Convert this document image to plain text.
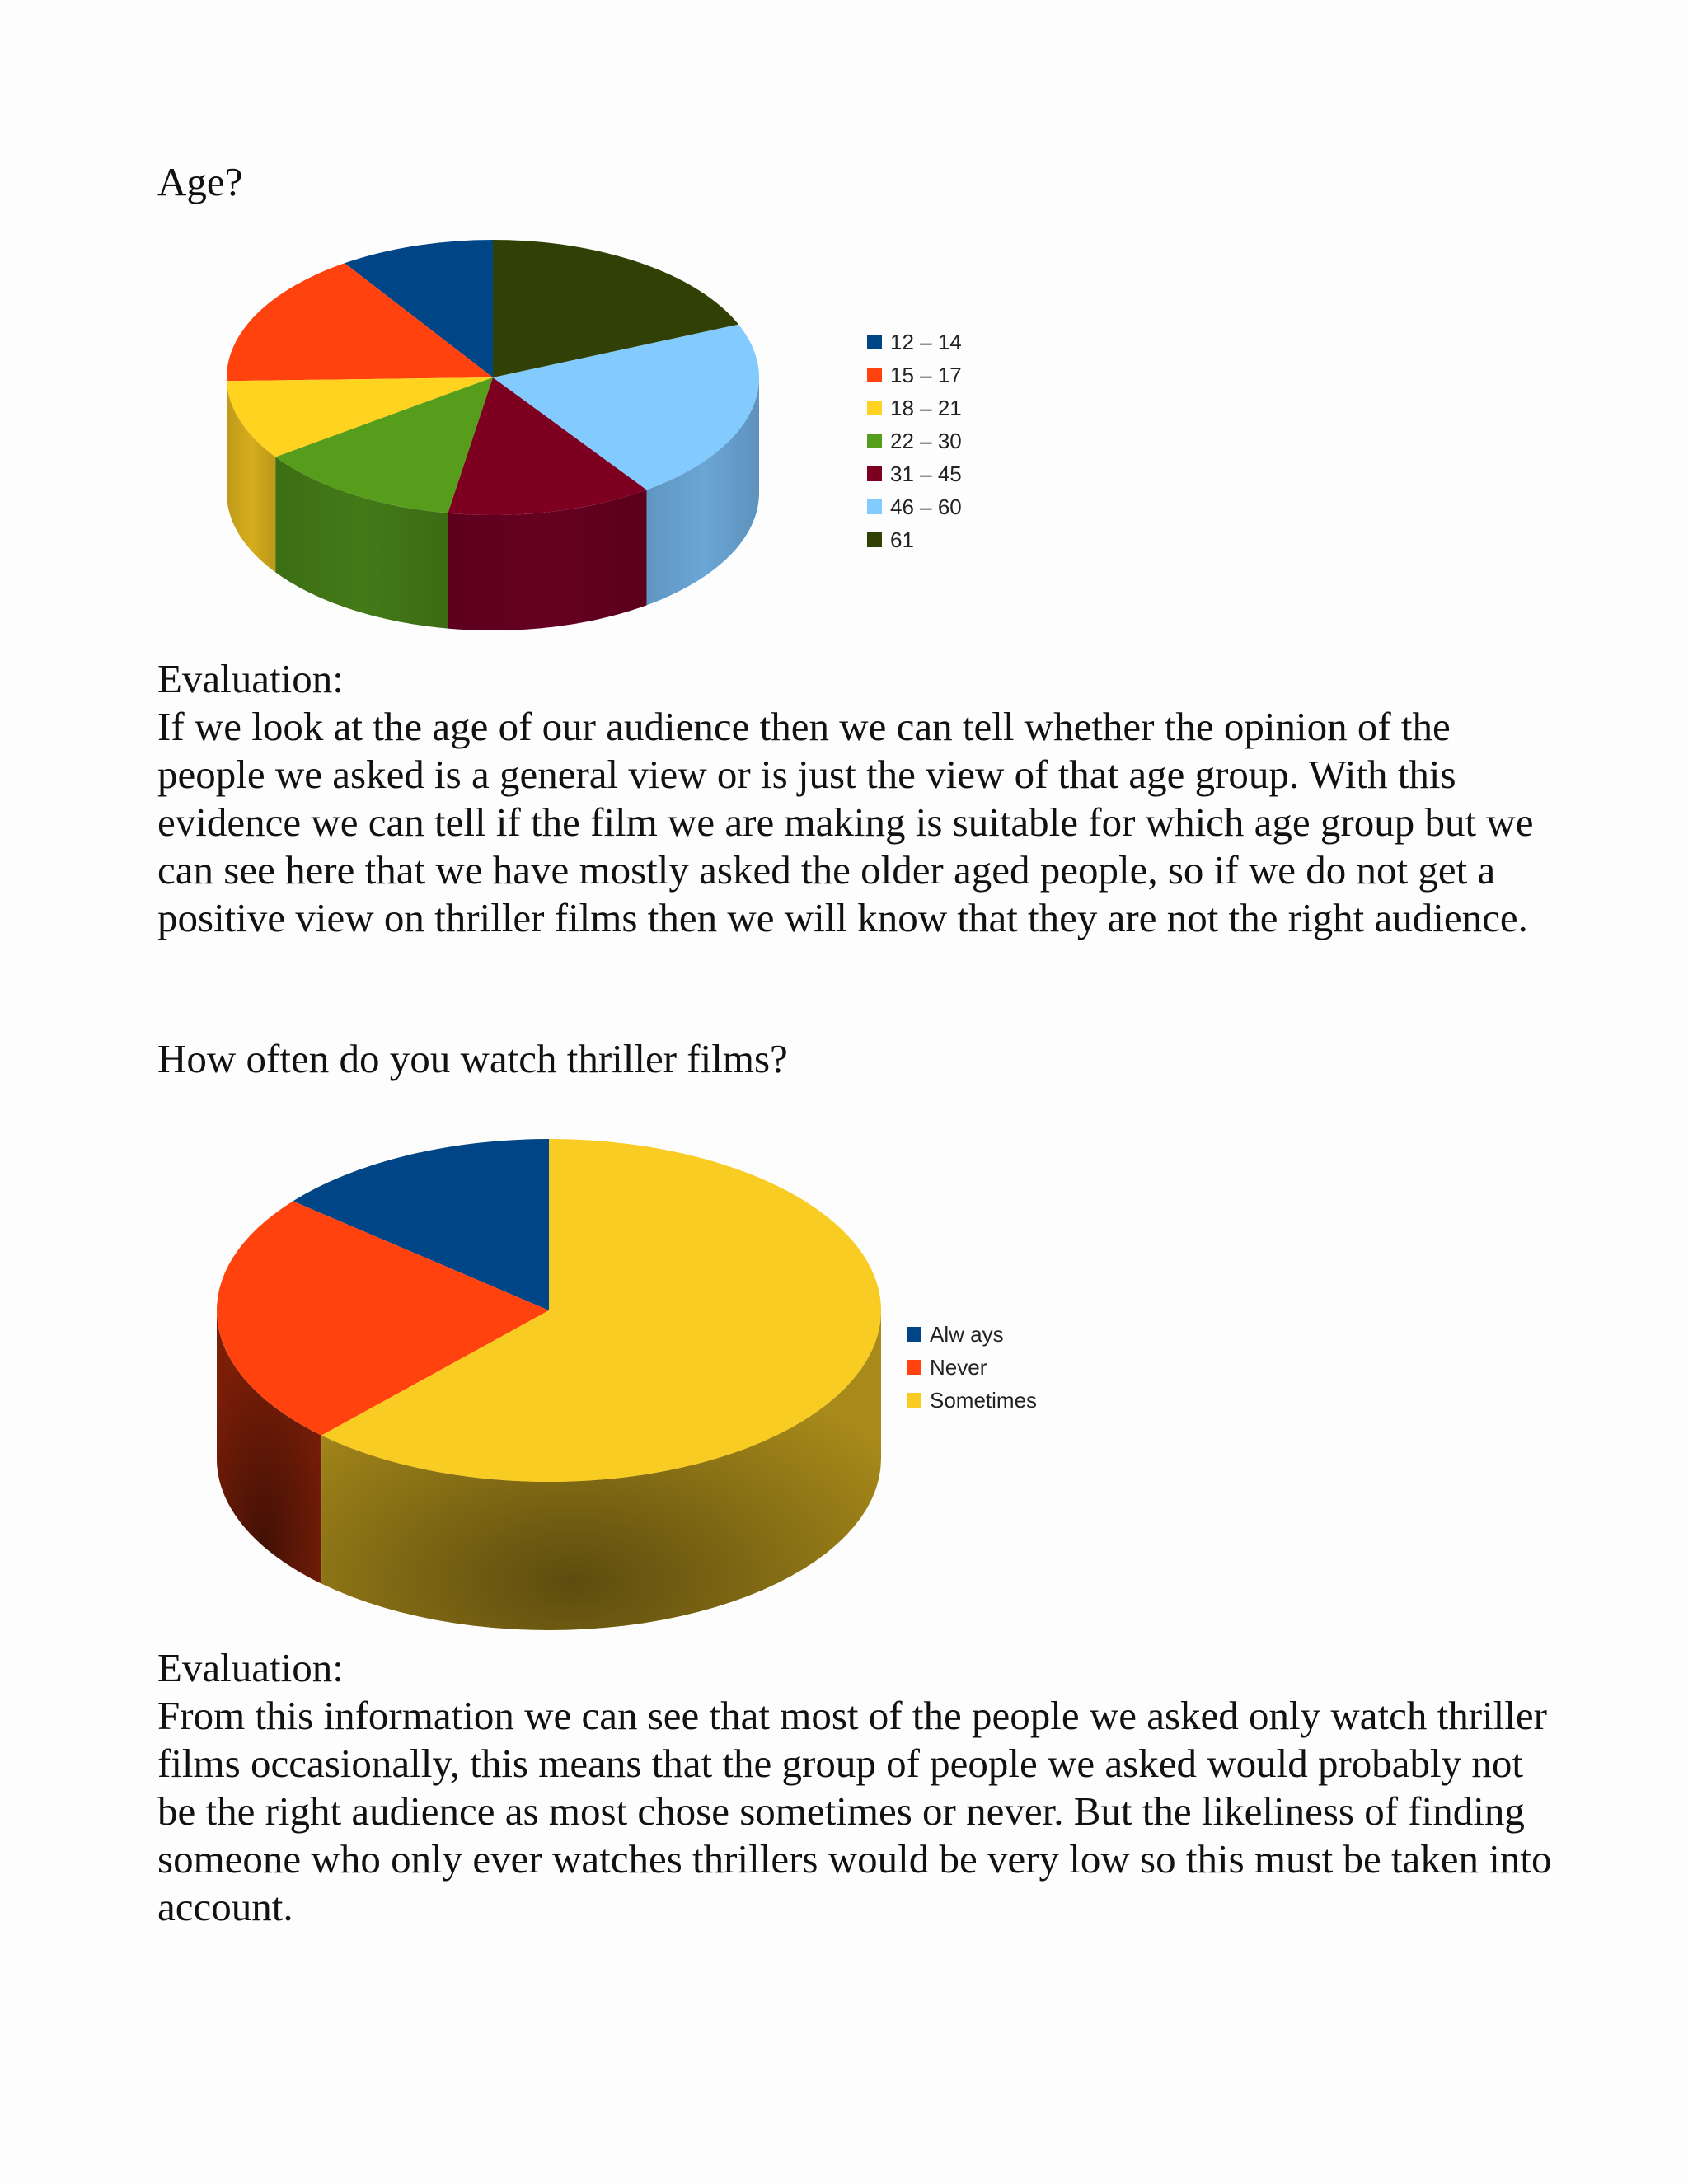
Age?
12 – 14
15 – 17
18 – 21
22 – 30
31 – 45
46 – 60
61

Evaluation:

If we look at the age of our audience then we can tell whether the opinion of the people we asked is a general view or is just the view of that age group. With this evidence we can tell if the film we are making is suitable for which age group but we can see here that we have mostly asked the older aged people, so if we do not get a positive view on thriller films then we will know that they are not the right audience.

How often do you watch thriller films?
Alw ays
Never
Sometimes

Evaluation:

From this information we can see that most of the people we asked only watch thriller films occasionally, this means that the group of people we asked would probably not be the right audience as most chose sometimes or never. But the likeliness of finding someone who only ever watches thrillers would be very low so this must be taken into account.
